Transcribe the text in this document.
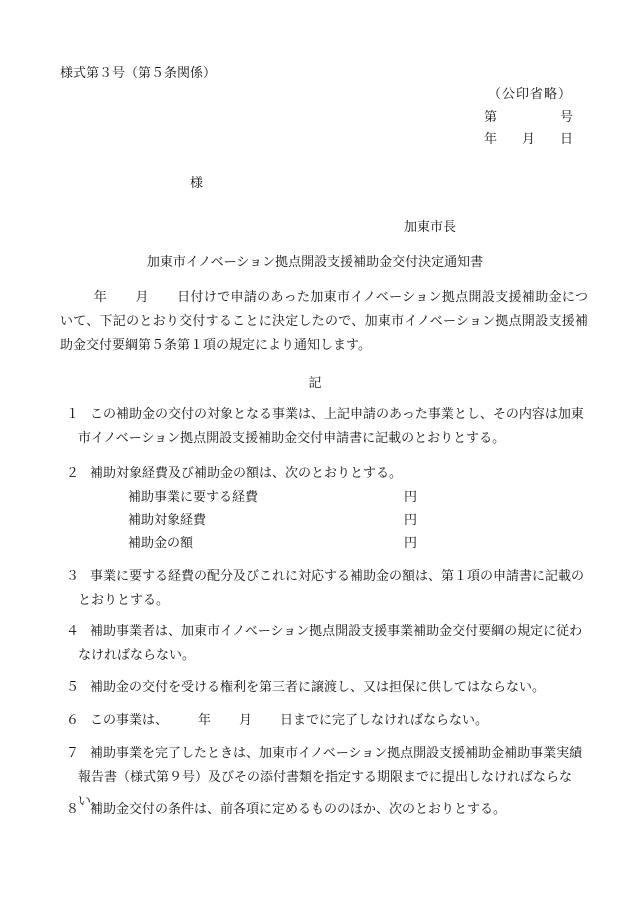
様式第３号（第５条関係）
（公印省略）
第	号
年 月 日
様
加東市長
加東市イノベーション拠点開設支援補助金交付決定通知書
年 月 日付けで申請のあった加東市イノベーション拠点開設支援補助金について、下記のとおり交付することに決定したので、加東市イノベーション拠点開設支援補助金交付要綱第５条第１項の規定により通知します。
記
１ この補助金の交付の対象となる事業は、上記申請のあった事業とし、その内容は加東市イノベーション拠点開設支援補助金交付申請書に記載のとおりとする。
２ 補助対象経費及び補助金の額は、次のとおりとする。
補助事業に要する経費	円
補助対象経費	円
補助金の額	円
３ 事業に要する経費の配分及びこれに対応する補助金の額は、第１項の申請書に記載のとおりとする。
４ 補助事業者は、加東市イノベーション拠点開設支援事業補助金交付要綱の規定に従わなければならない。
５ 補助金の交付を受ける権利を第三者に譲渡し、又は担保に供してはならない。
６ この事業は、 年 月 日までに完了しなければならない。
７ 補助事業を完了したときは、加東市イノベーション拠点開設支援補助金補助事業実績報告書（様式第９号）及びその添付書類を指定する期限までに提出しなければならない。
８ 補助金交付の条件は、前各項に定めるもののほか、次のとおりとする。
